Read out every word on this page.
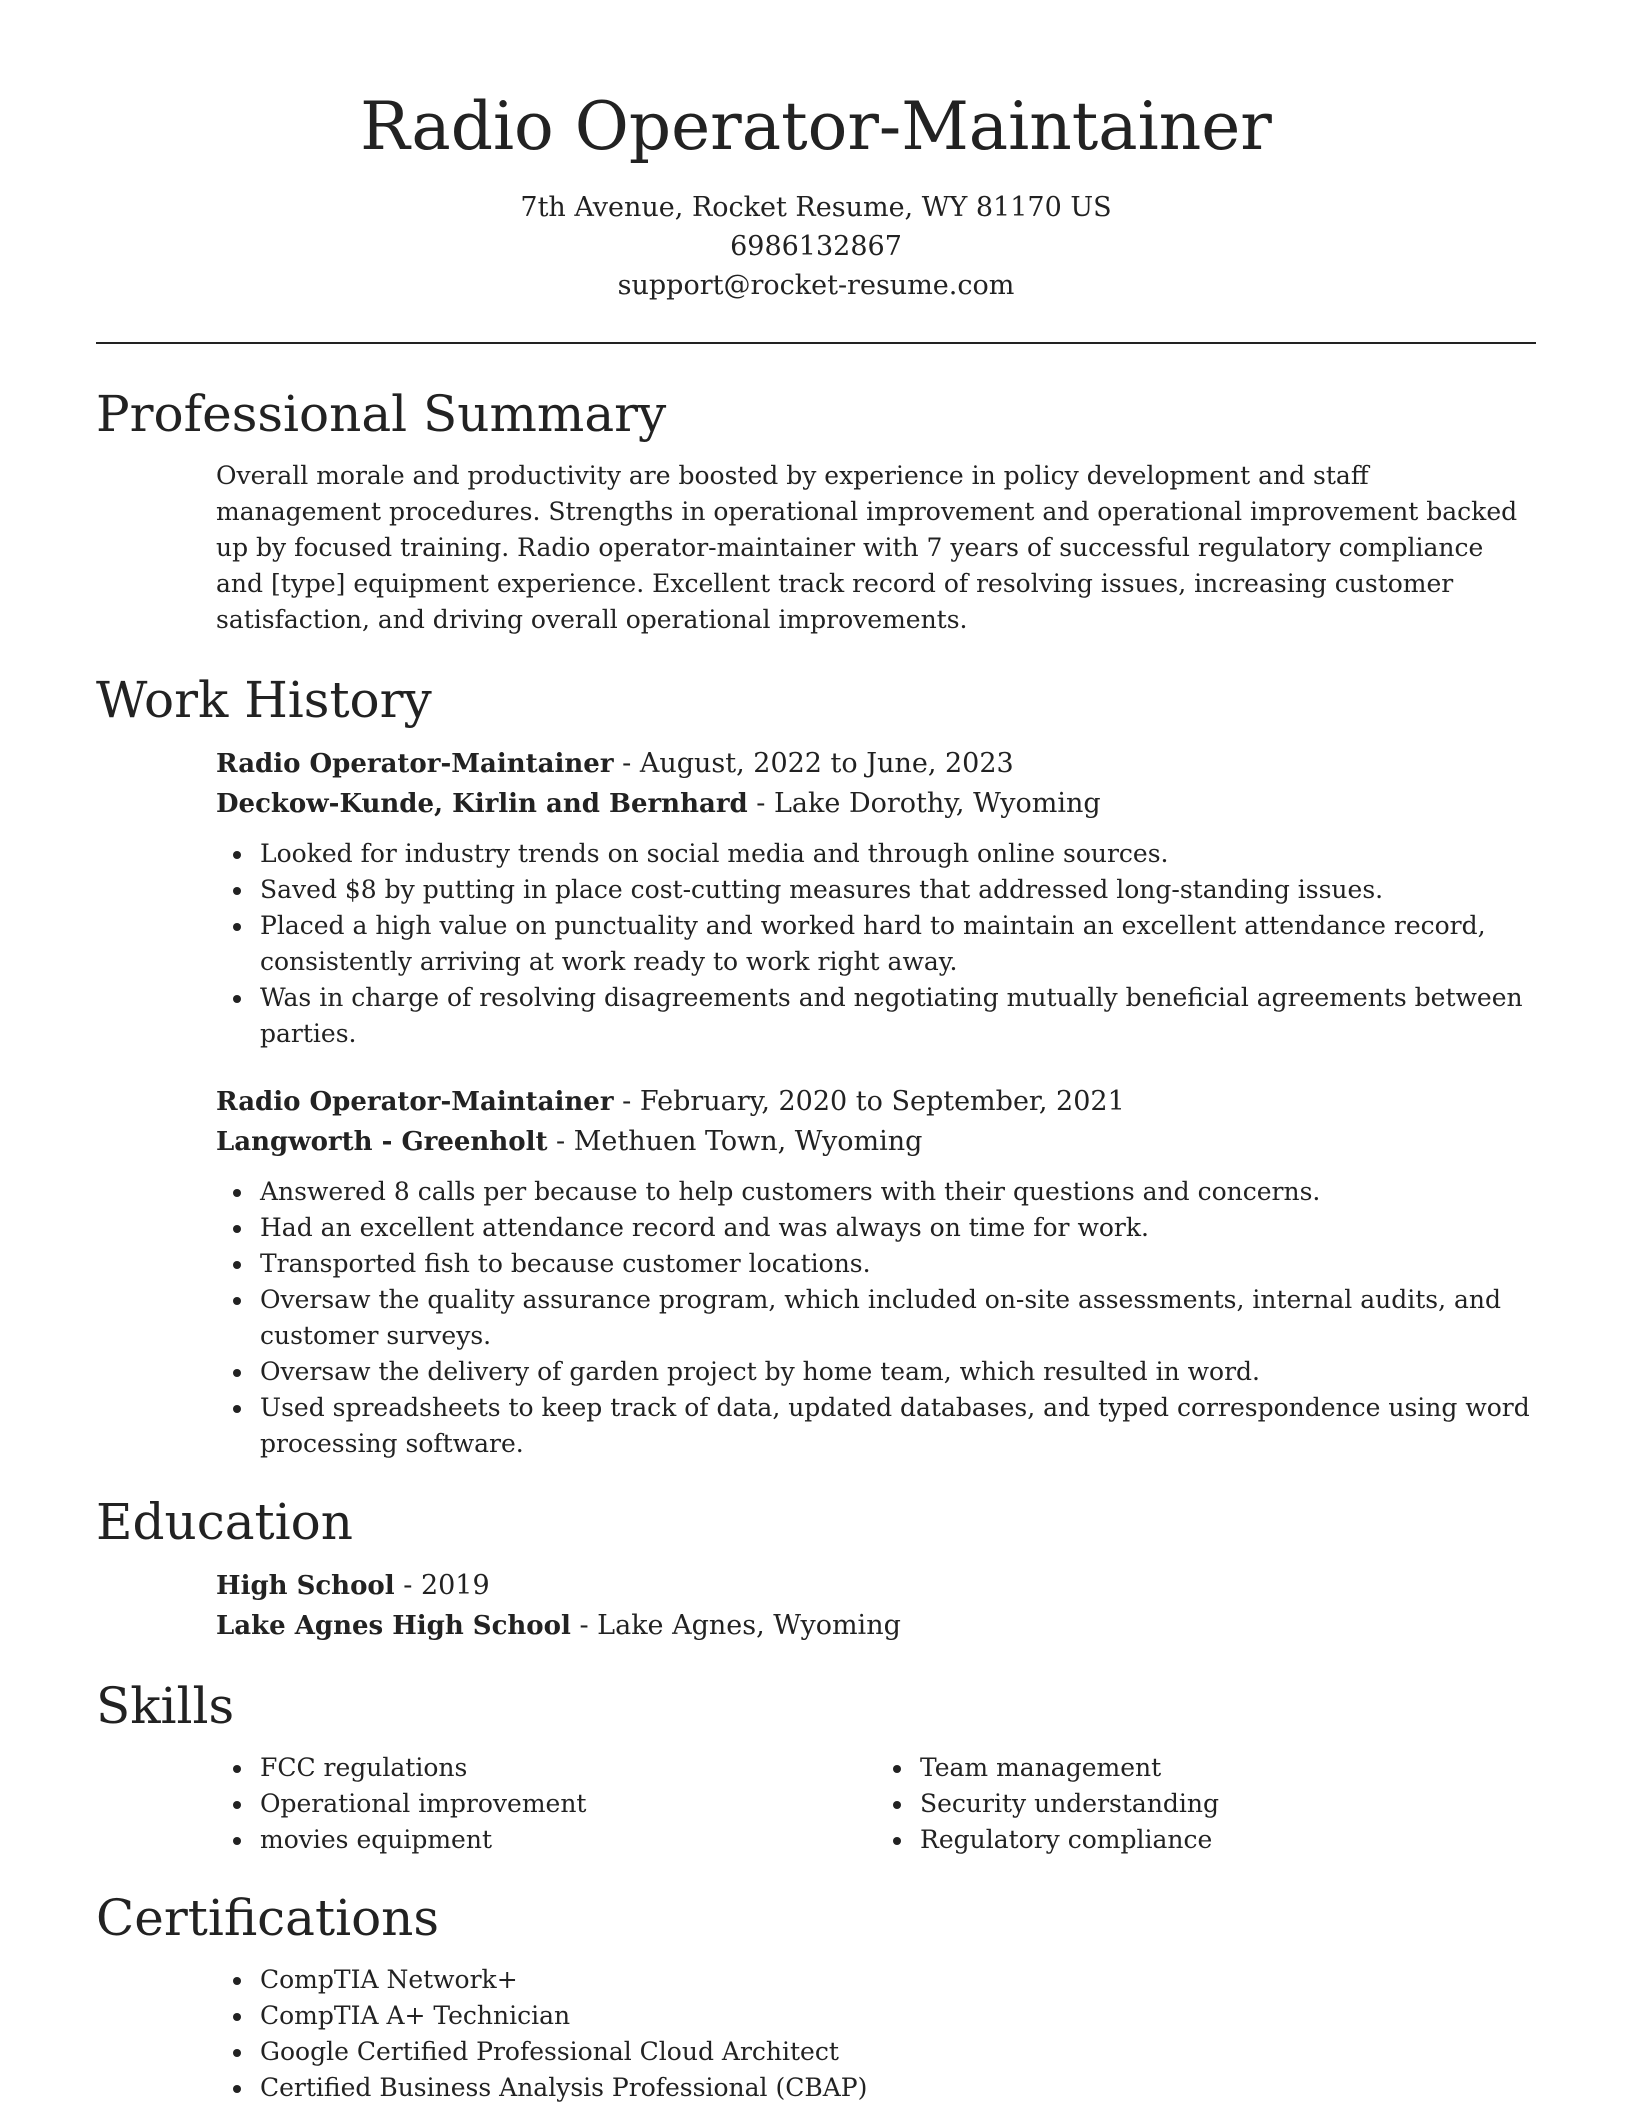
Radio Operator-Maintainer
7th Avenue, Rocket Resume, WY 81170 US
6986132867
support@rocket-resume.com
Professional Summary
Overall morale and productivity are boosted by experience in policy development and staff management procedures. Strengths in operational improvement and operational improvement backed up by focused training. Radio operator-maintainer with 7 years of successful regulatory compliance and [type] equipment experience. Excellent track record of resolving issues, increasing customer satisfaction, and driving overall operational improvements.
Work History
Radio Operator-Maintainer - August, 2022 to June, 2023
Deckow-Kunde, Kirlin and Bernhard - Lake Dorothy, Wyoming
Looked for industry trends on social media and through online sources.
Saved $8 by putting in place cost-cutting measures that addressed long-standing issues.
Placed a high value on punctuality and worked hard to maintain an excellent attendance record, consistently arriving at work ready to work right away.
Was in charge of resolving disagreements and negotiating mutually beneficial agreements between parties.
Radio Operator-Maintainer - February, 2020 to September, 2021
Langworth - Greenholt - Methuen Town, Wyoming
Answered 8 calls per because to help customers with their questions and concerns.
Had an excellent attendance record and was always on time for work.
Transported fish to because customer locations.
Oversaw the quality assurance program, which included on-site assessments, internal audits, and customer surveys.
Oversaw the delivery of garden project by home team, which resulted in word.
Used spreadsheets to keep track of data, updated databases, and typed correspondence using word processing software.
Education
High School - 2019
Lake Agnes High School - Lake Agnes, Wyoming
Skills
FCC regulations
Operational improvement
movies equipment
Team management
Security understanding
Regulatory compliance
Certifications
CompTIA Network+
CompTIA A+ Technician
Google Certified Professional Cloud Architect
Certified Business Analysis Professional (CBAP)
